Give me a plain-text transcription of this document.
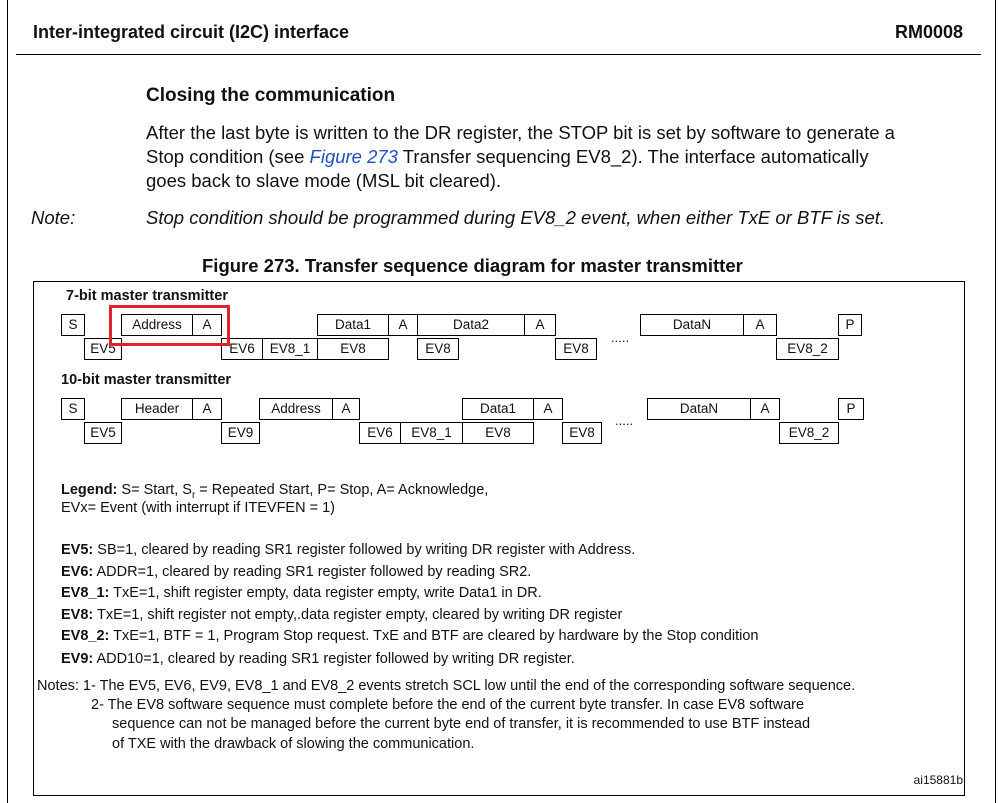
Inter-integrated circuit (I2C) interface	RM0008
Closing the communication
After the last byte is written to the DR register, the STOP bit is set by software to generate a
Stop condition (see Figure 273 Transfer sequencing EV8_2). The interface automatically
goes back to slave mode (MSL bit cleared).
Note:	Stop condition should be programmed during EV8_2 event, when either TxE or BTF is set.
Figure 273. Transfer sequence diagram for master transmitter
7-bit master transmitter
S	Address	A	Data1	A	Data2	A
.....
DataN	A	P
EV5	EV6	EV8_1	EV8	EV8	EV8	EV8_2
10-bit master transmitter
S	Header	A	Address	A	Data1	A
.....
DataN	A	P
EV5	EV9	EV6	EV8_1	EV8	EV8	EV8_2
Legend: S= Start, $S_r$ = Repeated Start, P= Stop, A= Acknowledge,
EVx= Event (with interrupt if ITEVFEN = 1)
EV5: SB=1, cleared by reading SR1 register followed by writing DR register with Address.
EV6: ADDR=1, cleared by reading SR1 register followed by reading SR2.
EV8_1: TxE=1, shift register empty, data register empty, write Data1 in DR.
EV8: TxE=1, shift register not empty,.data register empty, cleared by writing DR register
EV8_2: TxE=1, BTF = 1, Program Stop request. TxE and BTF are cleared by hardware by the Stop condition
EV9: ADD10=1, cleared by reading SR1 register followed by writing DR register.
Notes: 1- The EV5, EV6, EV9, EV8_1 and EV8_2 events stretch SCL low until the end of the corresponding software sequence.
2- The EV8 software sequence must complete before the end of the current byte transfer. In case EV8 software
sequence can not be managed before the current byte end of transfer, it is recommended to use BTF instead
of TXE with the drawback of slowing the communication.
ai15881b
